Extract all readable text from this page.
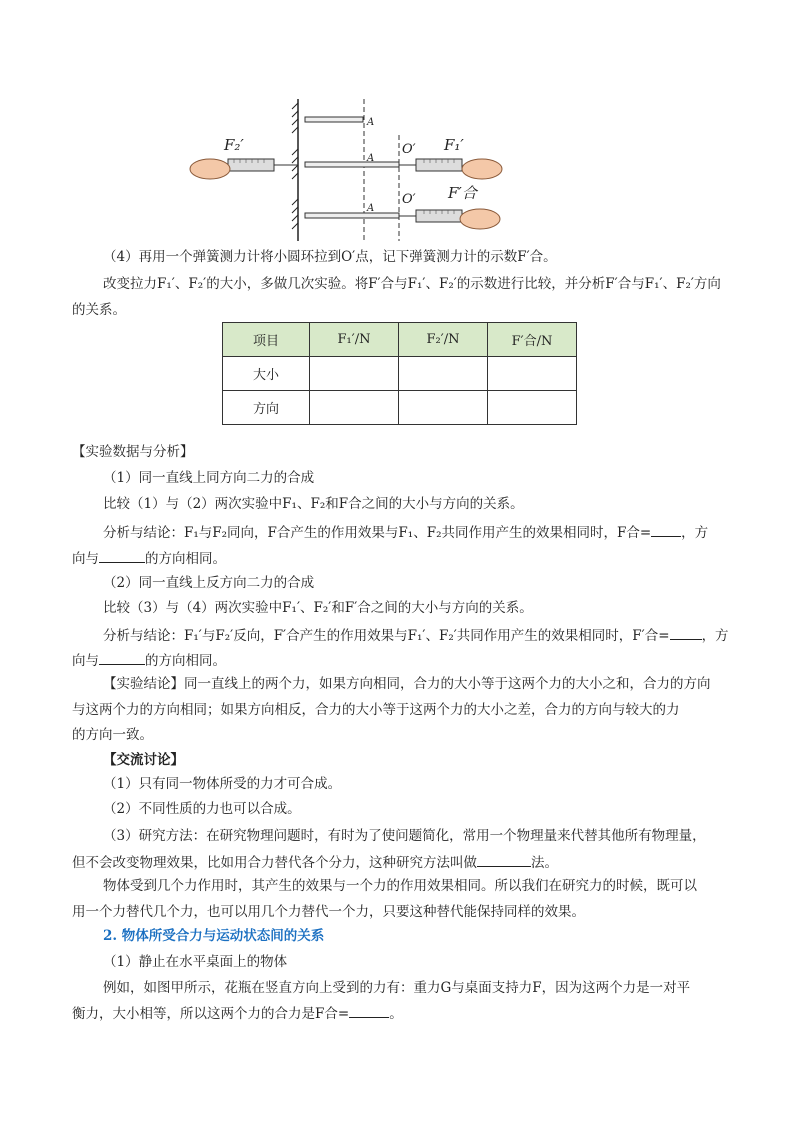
F₂′	F₁′
F′合
O′
O′
A
A
A
（4）再用一个弹簧测力计将小圆环拉到O′点，记下弹簧测力计的示数F′合。
改变拉力F₁′、F₂′的大小，多做几次实验。将F′合与F₁′、F₂′的示数进行比较，并分析F′合与F₁′、F₂′方向
的关系。
项目	F₁′/N	F₂′/N	F′合/N
大小			
方向			
【实验数据与分析】
（1）同一直线上同方向二力的合成
比较（1）与（2）两次实验中F₁、F₂和F合之间的大小与方向的关系。
分析与结论：F₁与F₂同向，F合产生的作用效果与F₁、F₂共同作用产生的效果相同时，F合= ，方
向与	的方向相同。
（2）同一直线上反方向二力的合成
比较（3）与（4）两次实验中F₁′、F₂′和F′合之间的大小与方向的关系。
分析与结论：F₁′与F₂′反向，F′合产生的作用效果与F₁′、F₂′共同作用产生的效果相同时，F′合= ，方
向与	的方向相同。
【实验结论】同一直线上的两个力，如果方向相同，合力的大小等于这两个力的大小之和，合力的方向
与这两个力的方向相同；如果方向相反，合力的大小等于这两个力的大小之差，合力的方向与较大的力
的方向一致。
【交流讨论】
（1）只有同一物体所受的力才可合成。
（2）不同性质的力也可以合成。
（3）研究方法：在研究物理问题时，有时为了使问题简化，常用一个物理量来代替其他所有物理量，
但不会改变物理效果，比如用合力替代各个分力，这种研究方法叫做	法。
物体受到几个力作用时，其产生的效果与一个力的作用效果相同。所以我们在研究力的时候，既可以
用一个力替代几个力，也可以用几个力替代一个力，只要这种替代能保持同样的效果。
2. 物体所受合力与运动状态间的关系
（1）静止在水平桌面上的物体
例如，如图甲所示，花瓶在竖直方向上受到的力有：重力G与桌面支持力F，因为这两个力是一对平
衡力，大小相等，所以这两个力的合力是F合=	。
